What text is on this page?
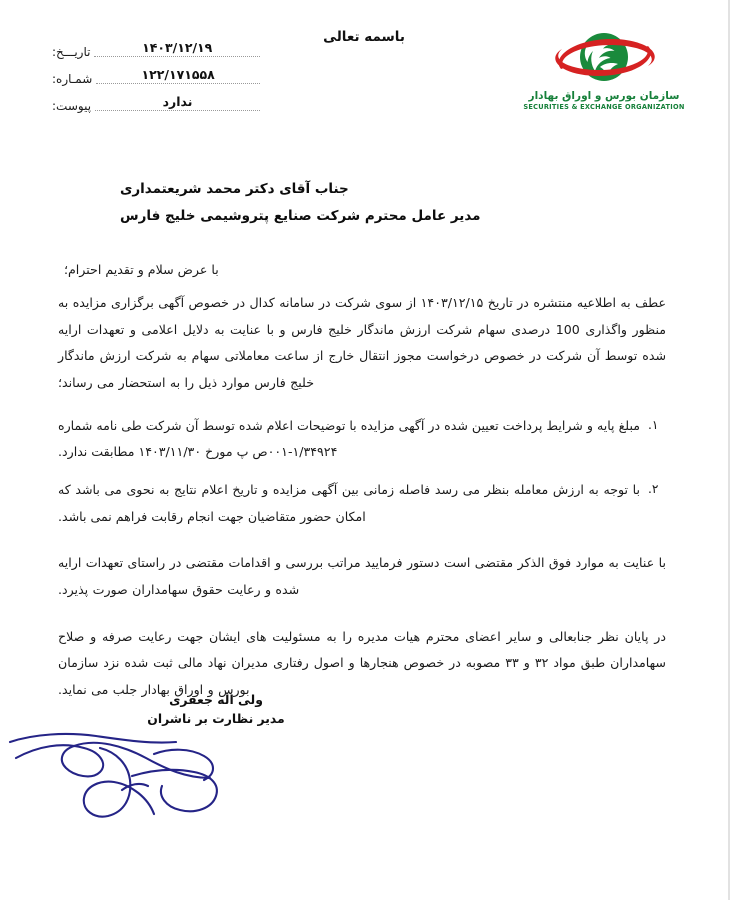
باسمه تعالی
تاریـــخ:	۱۴۰۳/۱۲/۱۹
شمـاره:	۱۲۲/۱۷۱۵۵۸
پیوست:	ندارد	سازمان بورس و اوراق بهادار
SECURITIES & EXCHANGE ORGANIZATION
جناب آقای دکتر محمد شریعتمداری
مدیر عامل محترم شرکت صنایع پتروشیمی خلیج فارس
با عرض سلام و تقدیم احترام؛

عطف به اطلاعیه منتشره در تاریخ ۱۴۰۳/۱۲/۱۵ از سوی شرکت در سامانه کدال در خصوص آگهی برگزاری مزایده به منظور واگذاری 100 درصدی سهام شرکت ارزش ماندگار خلیج فارس و با عنایت به دلایل اعلامی و تعهدات ارایه شده توسط آن شرکت در خصوص درخواست مجوز انتقال خارج از ساعت معاملاتی سهام به شرکت ارزش ماندگار خلیج فارس موارد ذیل را به استحضار می رساند؛

۱.
مبلغ پایه و شرایط پرداخت تعیین شده در آگهی مزایده با توضیحات اعلام شده توسط آن شرکت طی نامه شماره ۱/۳۴۹۲۴-۰۰۱ص پ مورخ ۱۴۰۳/۱۱/۳۰ مطابقت ندارد.
۲.
با توجه به ارزش معامله بنظر می رسد فاصله زمانی بین آگهی مزایده و تاریخ اعلام نتایج به نحوی می باشد که امکان حضور متقاضیان جهت انجام رقابت فراهم نمی باشد.

با عنایت به موارد فوق الذکر مقتضی است دستور فرمایید مراتب بررسی و اقدامات مقتضی در راستای تعهدات ارایه شده و رعایت حقوق سهامداران صورت پذیرد.

در پایان نظر جنابعالی و سایر اعضای محترم هیات مدیره را به مسئولیت های ایشان جهت رعایت صرفه و صلاح سهامداران طبق مواد ۳۲ و ۳۳ مصوبه در خصوص هنجارها و اصول رفتاری مدیران نهاد مالی ثبت شده نزد سازمان بورس و اوراق بهادار جلب می نماید.

ولی اله جعفری
مدیر نظارت بر ناشران
